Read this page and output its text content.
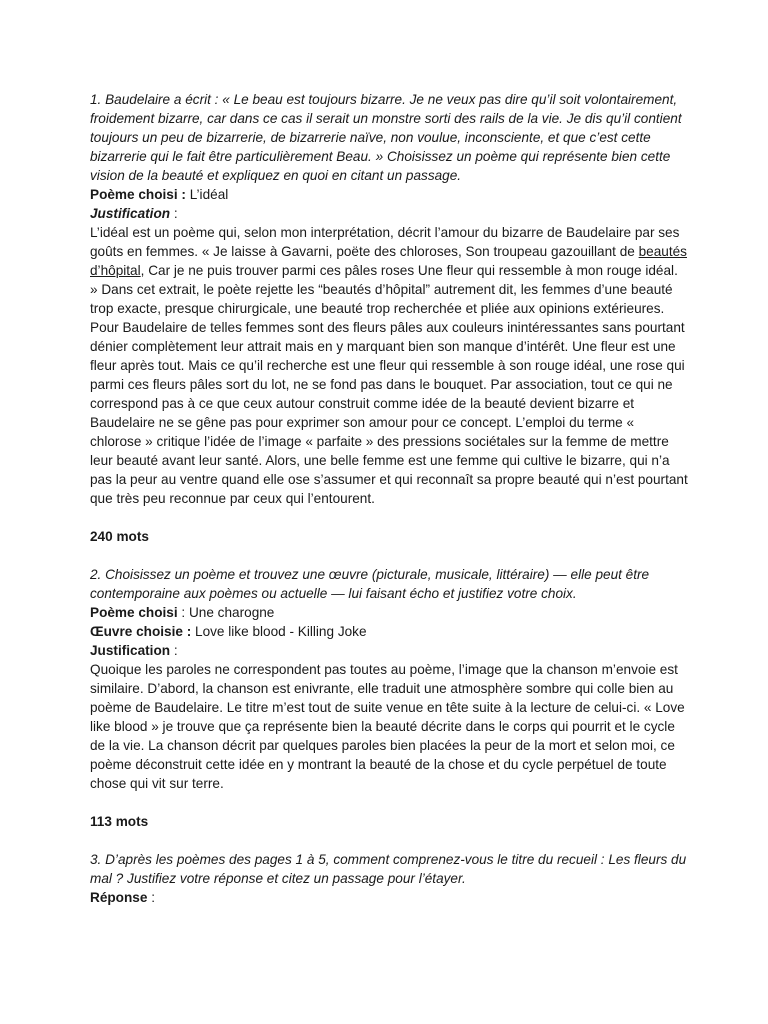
1. Baudelaire a écrit : « Le beau est toujours bizarre. Je ne veux pas dire qu’il soit volontairement, froidement bizarre, car dans ce cas il serait un monstre sorti des rails de la vie. Je dis qu’il contient toujours un peu de bizarrerie, de bizarrerie naïve, non voulue, inconsciente, et que c’est cette bizarrerie qui le fait être particulièrement Beau. » Choisissez un poème qui représente bien cette vision de la beauté et expliquez en quoi en citant un passage.

Poème choisi : L’idéal

Justification :

L’idéal est un poème qui, selon mon interprétation, décrit l’amour du bizarre de Baudelaire par ses goûts en femmes. « Je laisse à Gavarni, poëte des chloroses, Son troupeau gazouillant de beautés d’hôpital, Car je ne puis trouver parmi ces pâles roses Une fleur qui ressemble à mon rouge idéal. » Dans cet extrait, le poète rejette les “beautés d’hôpital” autrement dit, les femmes d’une beauté trop exacte, presque chirurgicale, une beauté trop recherchée et pliée aux opinions extérieures. Pour Baudelaire de telles femmes sont des fleurs pâles aux couleurs inintéressantes sans pourtant dénier complètement leur attrait mais en y marquant bien son manque d’intérêt. Une fleur est une fleur après tout. Mais ce qu’il recherche est une fleur qui ressemble à son rouge idéal, une rose qui parmi ces fleurs pâles sort du lot, ne se fond pas dans le bouquet. Par association, tout ce qui ne correspond pas à ce que ceux autour construit comme idée de la beauté devient bizarre et Baudelaire ne se gêne pas pour exprimer son amour pour ce concept. L’emploi du terme « chlorose » critique l’idée de l’image « parfaite » des pressions sociétales sur la femme de mettre leur beauté avant leur santé. Alors, une belle femme est une femme qui cultive le bizarre, qui n’a pas la peur au ventre quand elle ose s’assumer et qui reconnaît sa propre beauté qui n’est pourtant que très peu reconnue par ceux qui l’entourent.

240 mots

2. Choisissez un poème et trouvez une œuvre (picturale, musicale, littéraire) — elle peut être contemporaine aux poèmes ou actuelle — lui faisant écho et justifiez votre choix.

Poème choisi : Une charogne

Œuvre choisie : Love like blood - Killing Joke

Justification :

Quoique les paroles ne correspondent pas toutes au poème, l’image que la chanson m’envoie est similaire. D’abord, la chanson est enivrante, elle traduit une atmosphère sombre qui colle bien au poème de Baudelaire. Le titre m’est tout de suite venue en tête suite à la lecture de celui-ci. « Love like blood » je trouve que ça représente bien la beauté décrite dans le corps qui pourrit et le cycle de la vie. La chanson décrit par quelques paroles bien placées la peur de la mort et selon moi, ce poème déconstruit cette idée en y montrant la beauté de la chose et du cycle perpétuel de toute chose qui vit sur terre.

113 mots

3. D’après les poèmes des pages 1 à 5, comment comprenez-vous le titre du recueil : Les fleurs du mal ? Justifiez votre réponse et citez un passage pour l’étayer.

Réponse :
